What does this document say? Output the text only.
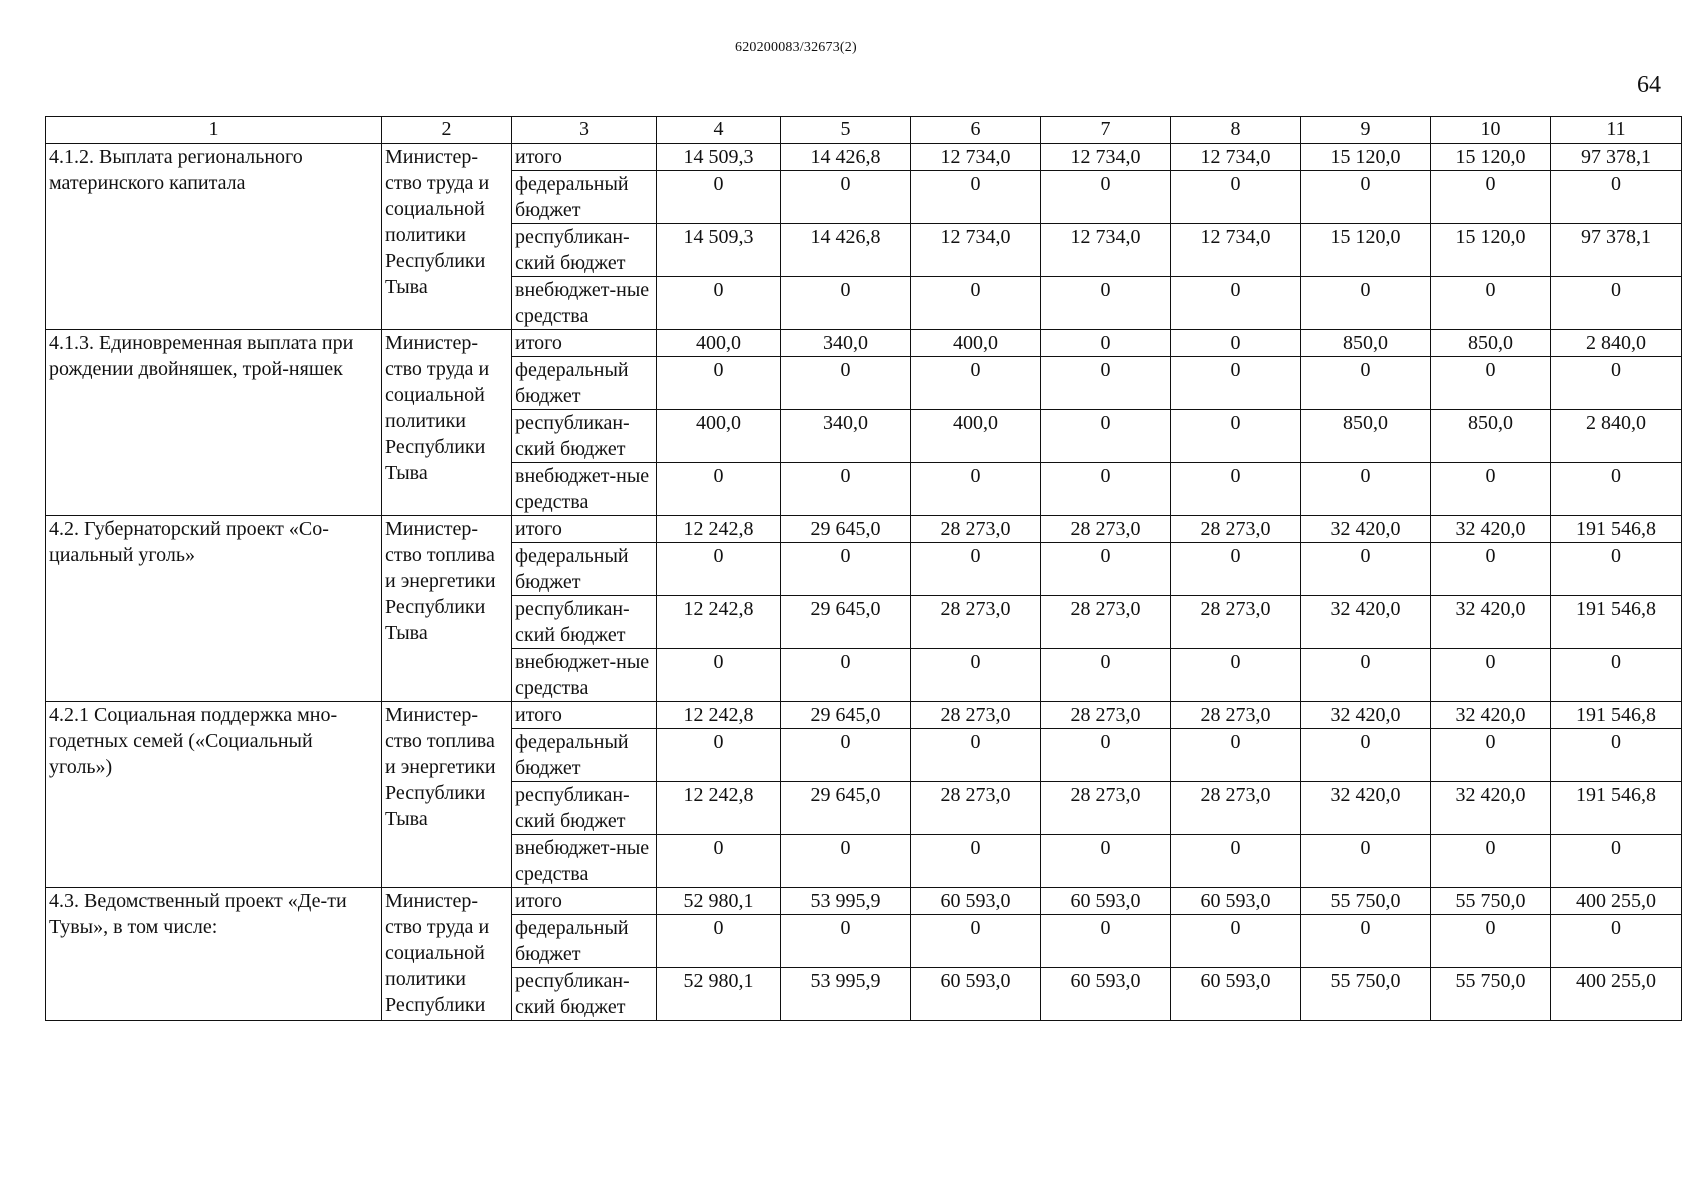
620200083/32673(2)
64
1	2	3	4	5	6	7	8	9	10	11
4.1.2. Выплата регионального материнского капитала	Министер-ство труда и социальной политики Республики Тыва	итого	14 509,3	14 426,8	12 734,0	12 734,0	12 734,0	15 120,0	15 120,0	97 378,1
		федеральный бюджет	0	0	0	0	0	0	0	0
		республикан-ский бюджет	14 509,3	14 426,8	12 734,0	12 734,0	12 734,0	15 120,0	15 120,0	97 378,1
		внебюджет-ные средства	0	0	0	0	0	0	0	0
4.1.3. Единовременная выплата при рождении двойняшек, трой-няшек	Министер-ство труда и социальной политики Республики Тыва	итого	400,0	340,0	400,0	0	0	850,0	850,0	2 840,0
		федеральный бюджет	0	0	0	0	0	0	0	0
		республикан-ский бюджет	400,0	340,0	400,0	0	0	850,0	850,0	2 840,0
		внебюджет-ные средства	0	0	0	0	0	0	0	0
4.2. Губернаторский проект «Со-циальный уголь»	Министер-ство топлива и энергетики Республики Тыва	итого	12 242,8	29 645,0	28 273,0	28 273,0	28 273,0	32 420,0	32 420,0	191 546,8
		федеральный бюджет	0	0	0	0	0	0	0	0
		республикан-ский бюджет	12 242,8	29 645,0	28 273,0	28 273,0	28 273,0	32 420,0	32 420,0	191 546,8
		внебюджет-ные средства	0	0	0	0	0	0	0	0
4.2.1 Социальная поддержка мно-годетных семей («Социальный уголь»)	Министер-ство топлива и энергетики Республики Тыва	итого	12 242,8	29 645,0	28 273,0	28 273,0	28 273,0	32 420,0	32 420,0	191 546,8
		федеральный бюджет	0	0	0	0	0	0	0	0
		республикан-ский бюджет	12 242,8	29 645,0	28 273,0	28 273,0	28 273,0	32 420,0	32 420,0	191 546,8
		внебюджет-ные средства	0	0	0	0	0	0	0	0
4.3. Ведомственный проект «Де-ти Тувы», в том числе:	Министер-ство труда и социальной политики Республики	итого	52 980,1	53 995,9	60 593,0	60 593,0	60 593,0	55 750,0	55 750,0	400 255,0
		федеральный бюджет	0	0	0	0	0	0	0	0
		республикан-ский бюджет	52 980,1	53 995,9	60 593,0	60 593,0	60 593,0	55 750,0	55 750,0	400 255,0
